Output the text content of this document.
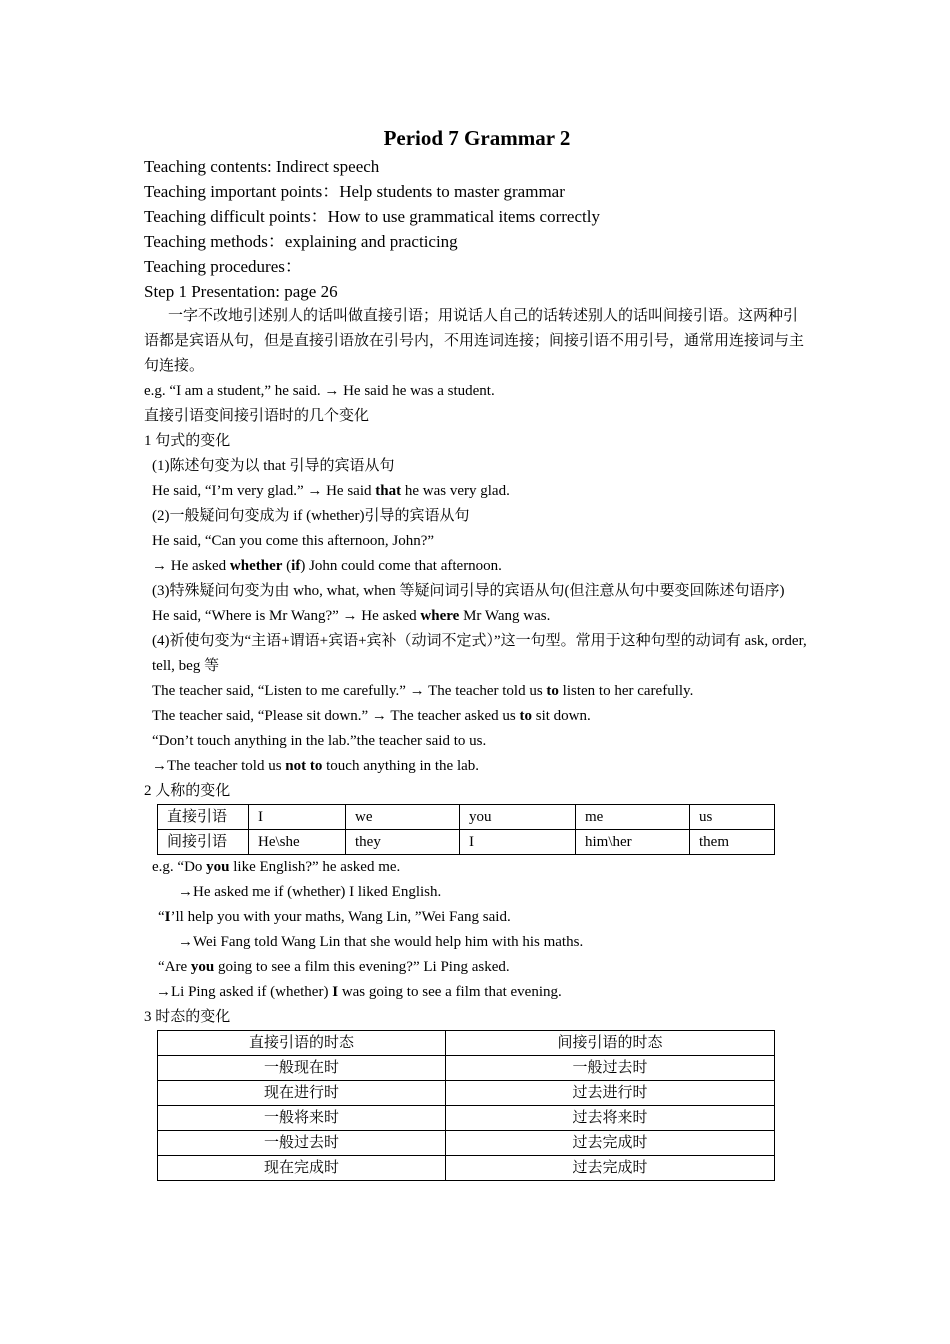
Period 7 Grammar 2
Teaching contents: Indirect speech
Teaching important points：Help students to master grammar
Teaching difficult points：How to use grammatical items correctly
Teaching methods：explaining and practicing
Teaching procedures：
Step 1 Presentation: page 26
一字不改地引述别人的话叫做直接引语；用说话人自己的话转述别人的话叫间接引语。这两种引语都是宾语从句，但是直接引语放在引号内，不用连词连接；间接引语不用引号，通常用连接词与主句连接。
e.g. “I am a student,” he said. → He said he was a student.
直接引语变间接引语时的几个变化
1 句式的变化
(1)陈述句变为以 that 引导的宾语从句
He said, “I’m very glad.” → He said that he was very glad.
(2)一般疑问句变成为 if (whether)引导的宾语从句
He said, “Can you come this afternoon, John?”
→ He asked whether (if) John could come that afternoon.
(3)特殊疑问句变为由 who, what, when 等疑问词引导的宾语从句(但注意从句中要变回陈述句语序)
He said, “Where is Mr Wang?” → He asked where Mr Wang was.
(4)祈使句变为“主语+谓语+宾语+宾补（动词不定式）”这一句型。常用于这种句型的动词有 ask, order, tell, beg 等
The teacher said, “Listen to me carefully.” → The teacher told us to listen to her carefully.
The teacher said, “Please sit down.” → The teacher asked us to sit down.
“Don’t touch anything in the lab.”the teacher said to us.
→The teacher told us not to touch anything in the lab.
2 人称的变化
直接引语	I	we	you	me	us
间接引语	He\she	they	I	him\her	them
e.g. “Do you like English?” he asked me.
→He asked me if (whether) I liked English.
“I’ll help you with your maths, Wang Lin, ”Wei Fang said.
→Wei Fang told Wang Lin that she would help him with his maths.
“Are you going to see a film this evening?” Li Ping asked.
→Li Ping asked if (whether) I was going to see a film that evening.
3 时态的变化
直接引语的时态	间接引语的时态
一般现在时	一般过去时
现在进行时	过去进行时
一般将来时	过去将来时
一般过去时	过去完成时
现在完成时	过去完成时
